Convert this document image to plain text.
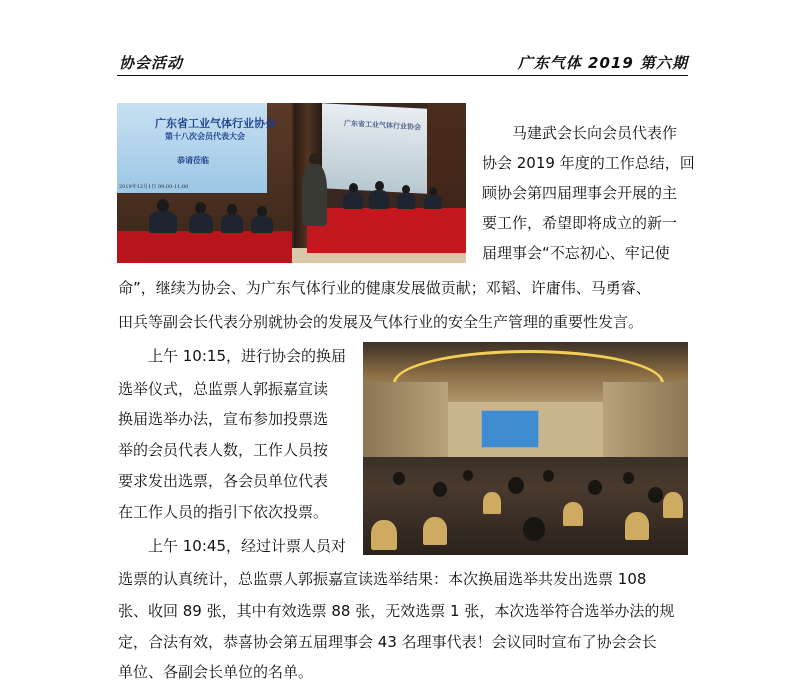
协会活动	广东气体 2019 第六期
广东省工业气体行业协会
第十八次会员代表大会
恭请莅临
2019年12月1日 09:00-11:00
广东省工业气体行业协会	马建武会长向会员代表作
协会 2019 年度的工作总结，回
顾协会第四届理事会开展的主
要工作，希望即将成立的新一
届理事会“不忘初心、牢记使
命”，继续为协会、为广东气体行业的健康发展做贡献；邓韬、许庸伟、马勇睿、
田兵等副会长代表分别就协会的发展及气体行业的安全生产管理的重要性发言。
上午 10:15，进行协会的换届
选举仪式，总监票人郭振嘉宣读
换届选举办法，宣布参加投票选
举的会员代表人数，工作人员按
要求发出选票，各会员单位代表
在工作人员的指引下依次投票。
上午 10:45，经过计票人员对
选票的认真统计，总监票人郭振嘉宣读选举结果：本次换届选举共发出选票 108
张、收回 89 张，其中有效选票 88 张，无效选票 1 张，本次选举符合选举办法的规
定，合法有效，恭喜协会第五届理事会 43 名理事代表！会议同时宣布了协会会长
单位、各副会长单位的名单。
